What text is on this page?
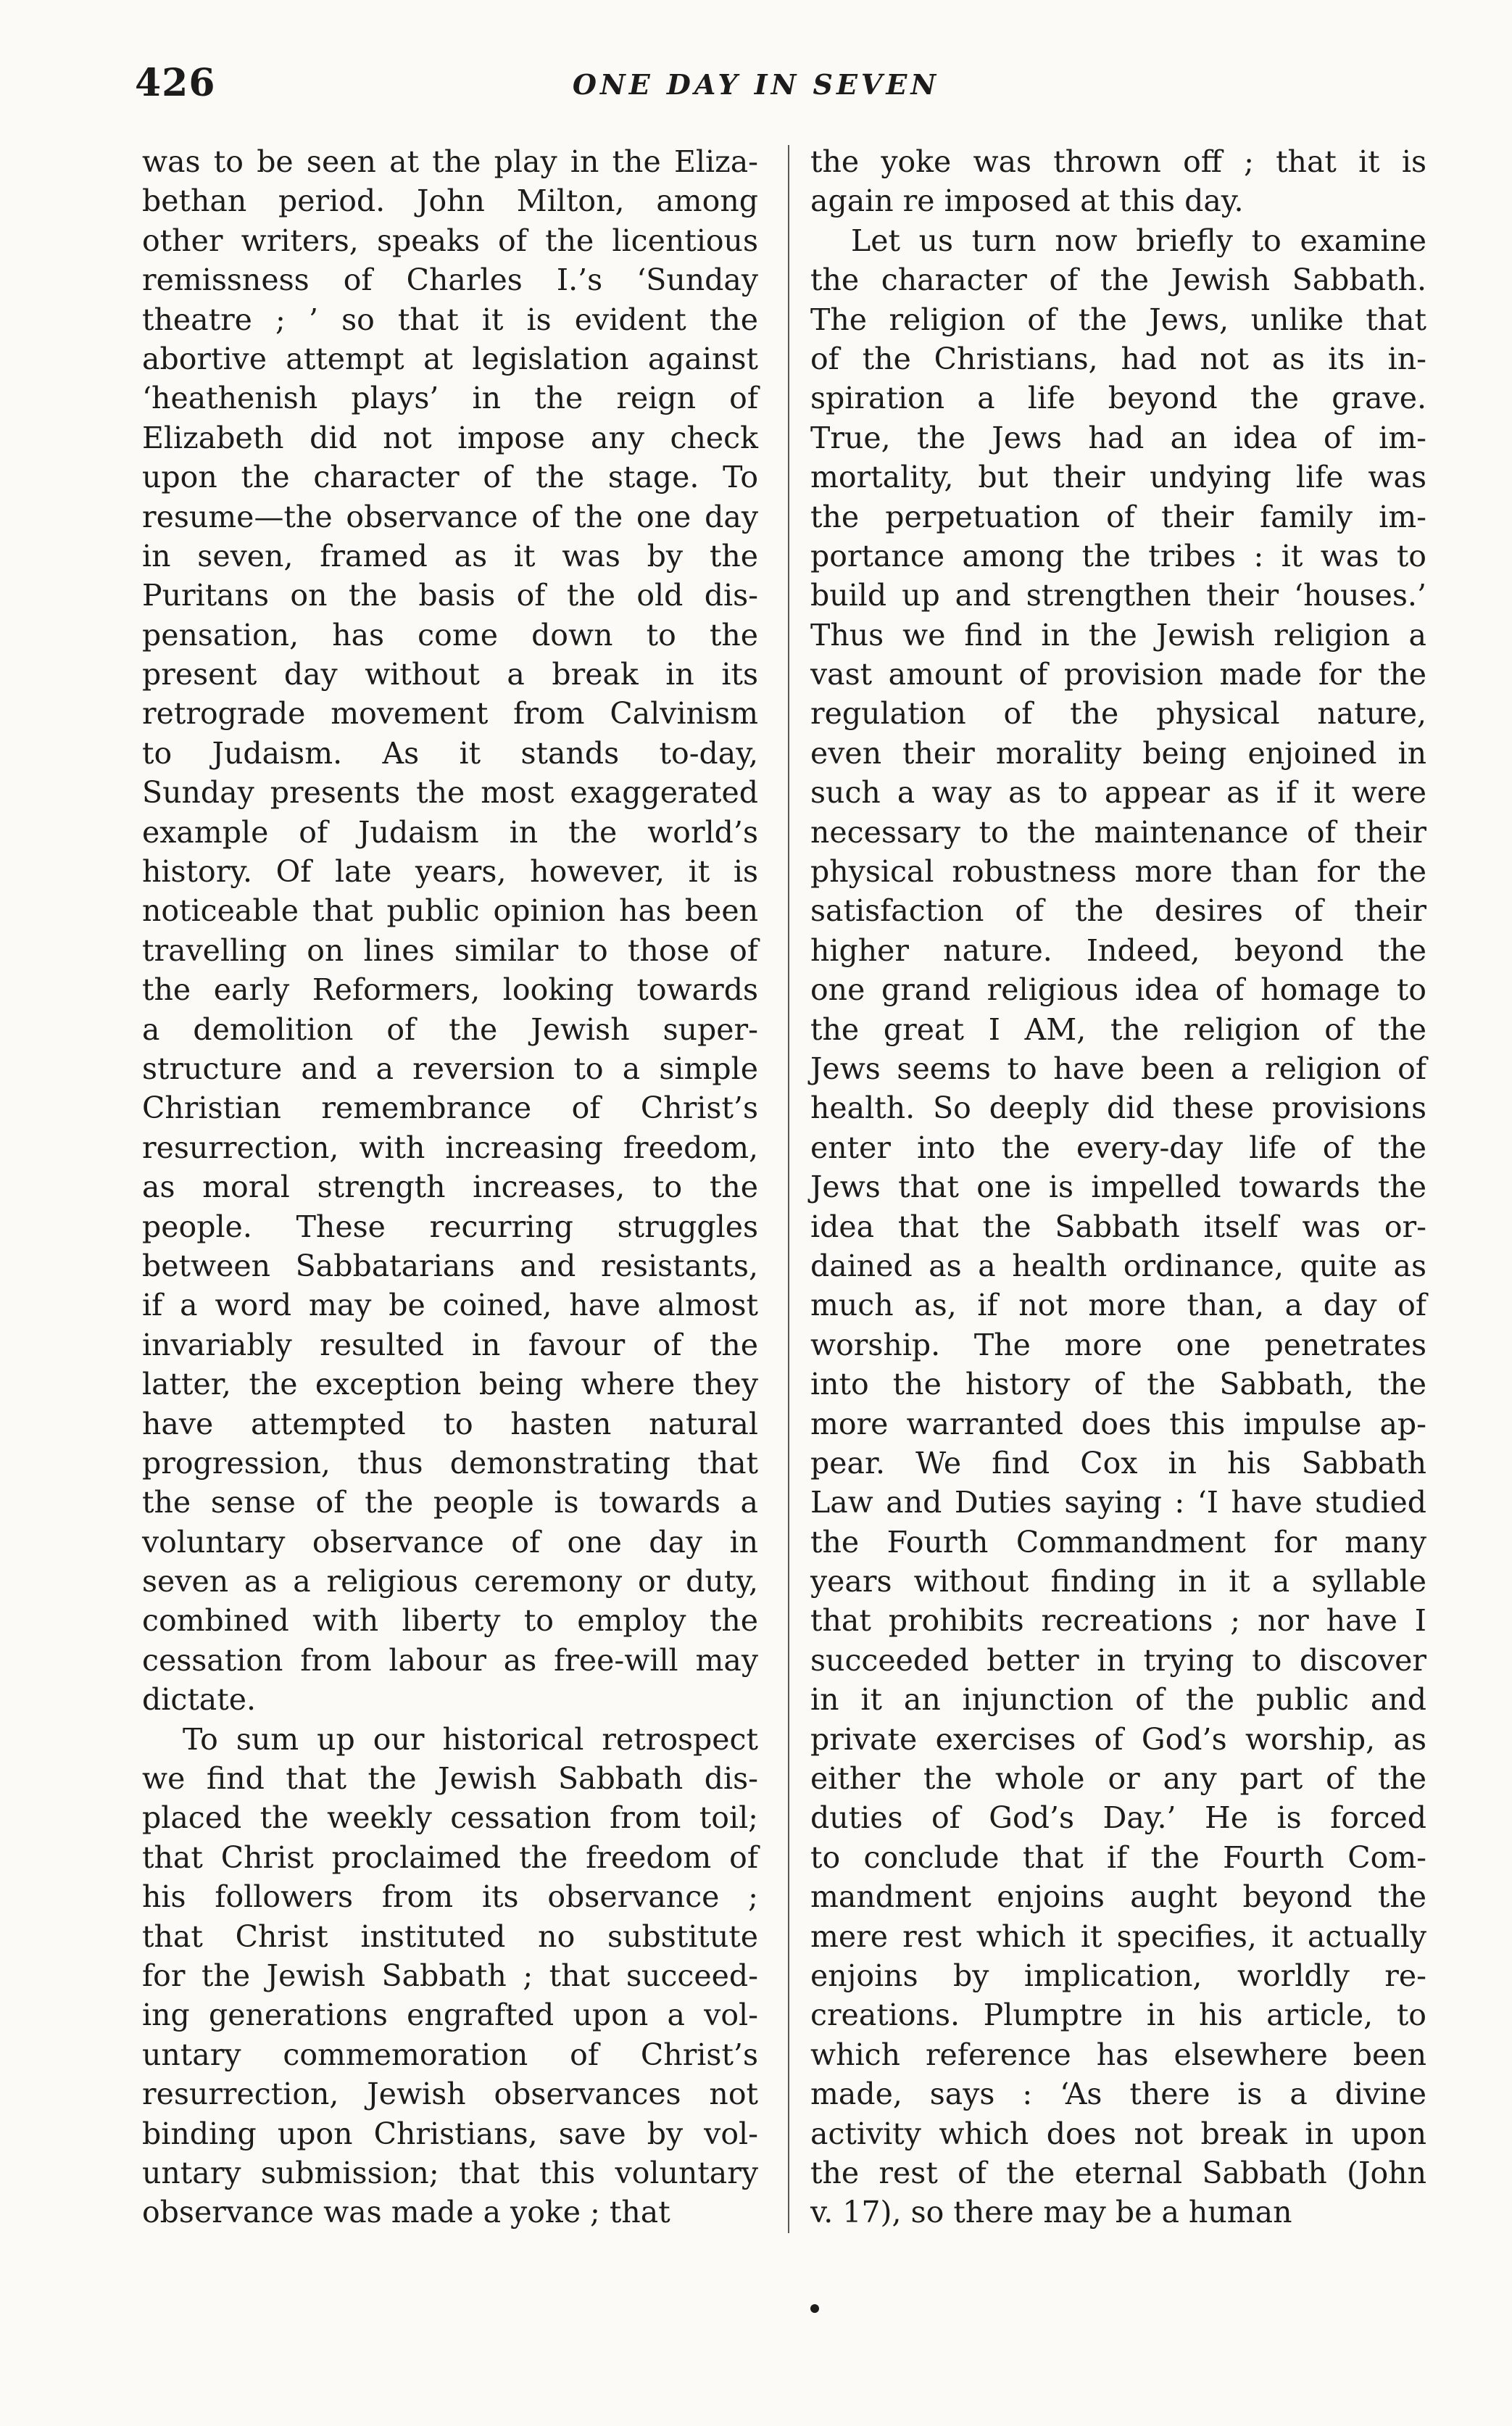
426	ONE DAY IN SEVEN
was to be seen at the play in the Eliza-
bethan period. John Milton, among
other writers, speaks of the licentious
remissness of Charles I.’s ‘Sunday
theatre ; ’ so that it is evident the
abortive attempt at legislation against
‘heathenish plays’ in the reign of
Elizabeth did not impose any check
upon the character of the stage. To
resume—the observance of the one day
in seven, framed as it was by the
Puritans on the basis of the old dis-
pensation, has come down to the
present day without a break in its
retrograde movement from Calvinism
to Judaism. As it stands to-day,
Sunday presents the most exaggerated
example of Judaism in the world’s
history. Of late years, however, it is
noticeable that public opinion has been
travelling on lines similar to those of
the early Reformers, looking towards
a demolition of the Jewish super-
structure and a reversion to a simple
Christian remembrance of Christ’s
resurrection, with increasing freedom,
as moral strength increases, to the
people. These recurring struggles
between Sabbatarians and resistants,
if a word may be coined, have almost
invariably resulted in favour of the
latter, the exception being where they
have attempted to hasten natural
progression, thus demonstrating that
the sense of the people is towards a
voluntary observance of one day in
seven as a religious ceremony or duty,
combined with liberty to employ the
cessation from labour as free-will may
dictate.
To sum up our historical retrospect
we find that the Jewish Sabbath dis-
placed the weekly cessation from toil;
that Christ proclaimed the freedom of
his followers from its observance ;
that Christ instituted no substitute
for the Jewish Sabbath ; that succeed-
ing generations engrafted upon a vol-
untary commemoration of Christ’s
resurrection, Jewish observances not
binding upon Christians, save by vol-
untary submission; that this voluntary
observance was made a yoke ; that
the yoke was thrown off ; that it is
again re imposed at this day.
Let us turn now briefly to examine
the character of the Jewish Sabbath.
The religion of the Jews, unlike that
of the Christians, had not as its in-
spiration a life beyond the grave.
True, the Jews had an idea of im-
mortality, but their undying life was
the perpetuation of their family im-
portance among the tribes : it was to
build up and strengthen their ‘houses.’
Thus we find in the Jewish religion a
vast amount of provision made for the
regulation of the physical nature,
even their morality being enjoined in
such a way as to appear as if it were
necessary to the maintenance of their
physical robustness more than for the
satisfaction of the desires of their
higher nature. Indeed, beyond the
one grand religious idea of homage to
the great I AM, the religion of the
Jews seems to have been a religion of
health. So deeply did these provisions
enter into the every-day life of the
Jews that one is impelled towards the
idea that the Sabbath itself was or-
dained as a health ordinance, quite as
much as, if not more than, a day of
worship. The more one penetrates
into the history of the Sabbath, the
more warranted does this impulse ap-
pear. We find Cox in his Sabbath
Law and Duties saying : ‘I have studied
the Fourth Commandment for many
years without finding in it a syllable
that prohibits recreations ; nor have I
succeeded better in trying to discover
in it an injunction of the public and
private exercises of God’s worship, as
either the whole or any part of the
duties of God’s Day.’ He is forced
to conclude that if the Fourth Com-
mandment enjoins aught beyond the
mere rest which it specifies, it actually
enjoins by implication, worldly re-
creations. Plumptre in his article, to
which reference has elsewhere been
made, says : ‘As there is a divine
activity which does not break in upon
the rest of the eternal Sabbath (John
v. 17), so there may be a human
